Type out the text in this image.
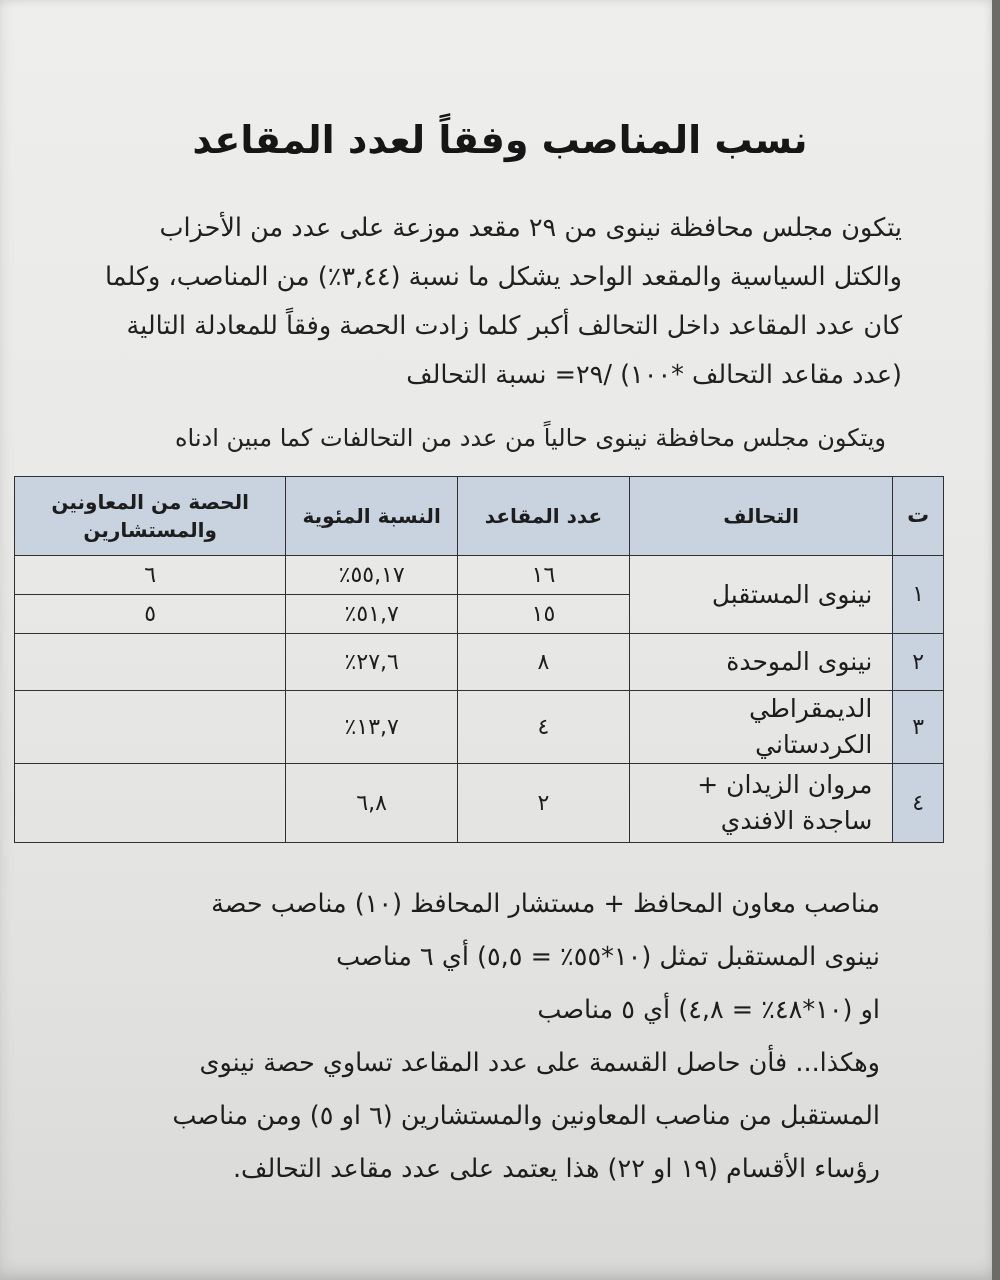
نسب المناصب وفقاً لعدد المقاعد

يتكون مجلس محافظة نينوى من ٢٩ مقعد موزعة على عدد من الأحزاب

والكتل السياسية والمقعد الواحد يشكل ما نسبة (٣,٤٤٪) من المناصب، وكلما

كان عدد المقاعد داخل التحالف أكبر كلما زادت الحصة وفقاً للمعادلة التالية

(عدد مقاعد التحالف *١٠٠) /٢٩= نسبة التحالف

ويتكون مجلس محافظة نينوى حالياً من عدد من التحالفات كما مبين ادناه
ت	التحالف	عدد المقاعد	النسبة المئوية	الحصة من المعاونين والمستشارين
١	نينوى المستقبل	١٦	٥٥,١٧٪	٦
		١٥	٥١,٧٪	٥
٢	نينوى الموحدة	٨	٢٧,٦٪	
٣	الديمقراطي الكردستاني	٤	١٣,٧٪	
٤	مروان الزيدان + ساجدة الافندي	٢	٦,٨	
مناصب معاون المحافظ + مستشار المحافظ (١٠) مناصب حصة
نينوى المستقبل تمثل (١٠*٥٥٪ = ٥,٥) أي ٦ مناصب
او (١٠*٤٨٪ = ٤,٨) أي ٥ مناصب
وهكذا... فأن حاصل القسمة على عدد المقاعد تساوي حصة نينوى
المستقبل من مناصب المعاونين والمستشارين (٦ او ٥) ومن مناصب
رؤساء الأقسام (١٩ او ٢٢) هذا يعتمد على عدد مقاعد التحالف.
